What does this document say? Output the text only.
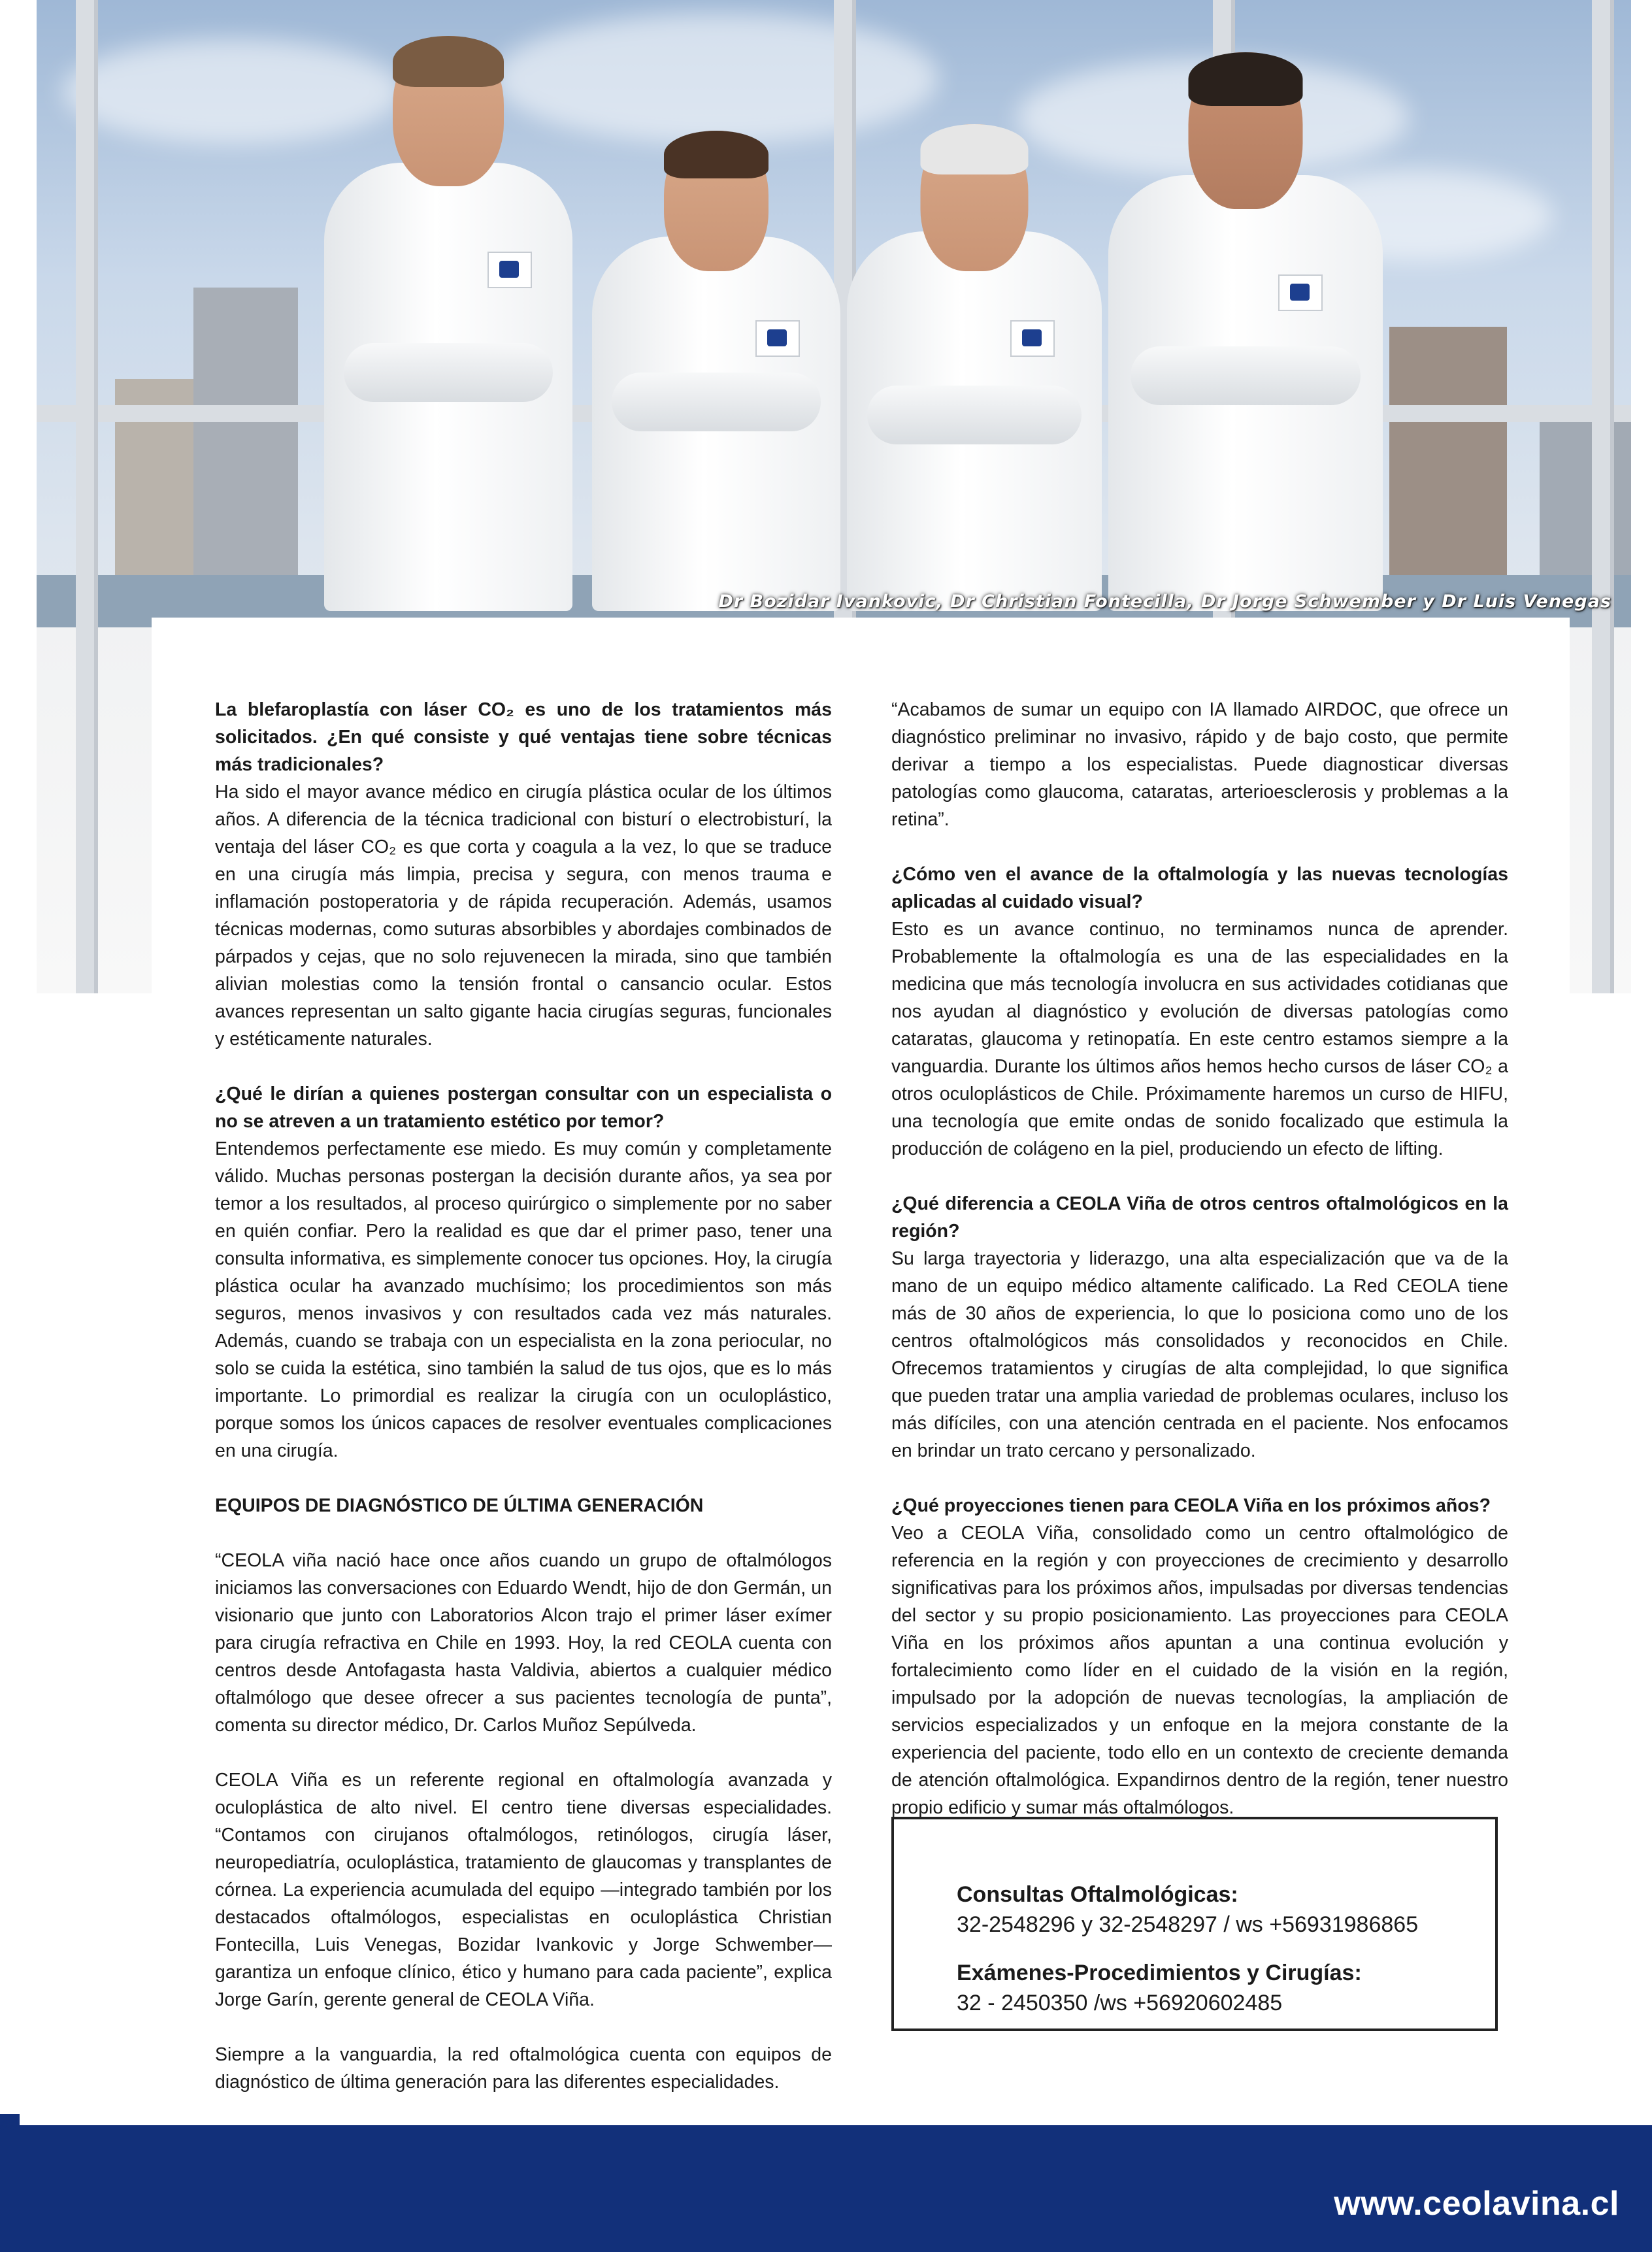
Dr Bozidar Ivankovic, Dr Christian Fontecilla, Dr Jorge Schwember y Dr Luis Venegas

La blefaroplastía con láser CO₂ es uno de los tratamientos más solicitados. ¿En qué consiste y qué ventajas tiene sobre técnicas más tradicionales?

Ha sido el mayor avance médico en cirugía plástica ocular de los últimos años. A diferencia de la técnica tradicional con bisturí o electrobisturí, la ventaja del láser CO₂ es que corta y coagula a la vez, lo que se traduce en una cirugía más limpia, precisa y segura, con menos trauma e inflamación postoperatoria y de rápida recuperación. Además, usamos técnicas modernas, como suturas absorbibles y abordajes combinados de párpados y cejas, que no solo rejuvenecen la mirada, sino que también alivian molestias como la tensión frontal o cansancio ocular. Estos avances representan un salto gigante hacia cirugías seguras, funcionales y estéticamente naturales.

¿Qué le dirían a quienes postergan consultar con un especialista o no se atreven a un tratamiento estético por temor?

Entendemos perfectamente ese miedo. Es muy común y completamente válido. Muchas personas postergan la decisión durante años, ya sea por temor a los resultados, al proceso quirúrgico o simplemente por no saber en quién confiar. Pero la realidad es que dar el primer paso, tener una consulta informativa, es simplemente conocer tus opciones. Hoy, la cirugía plástica ocular ha avanzado muchísimo; los procedimientos son más seguros, menos invasivos y con resultados cada vez más naturales. Además, cuando se trabaja con un especialista en la zona periocular, no solo se cuida la estética, sino también la salud de tus ojos, que es lo más importante. Lo primordial es realizar la cirugía con un oculoplástico, porque somos los únicos capaces de resolver eventuales complicaciones en una cirugía.

EQUIPOS DE DIAGNÓSTICO DE ÚLTIMA GENERACIÓN

“CEOLA viña nació hace once años cuando un grupo de oftalmólogos iniciamos las conversaciones con Eduardo Wendt, hijo de don Germán, un visionario que junto con Laboratorios Alcon trajo el primer láser exímer para cirugía refractiva en Chile en 1993. Hoy, la red CEOLA cuenta con centros desde Antofagasta hasta Valdivia, abiertos a cualquier médico oftalmólogo que desee ofrecer a sus pacientes tecnología de punta”, comenta su director médico, Dr. Carlos Muñoz Sepúlveda.

CEOLA Viña es un referente regional en oftalmología avanzada y oculoplástica de alto nivel. El centro tiene diversas especialidades. “Contamos con cirujanos oftalmólogos, retinólogos, cirugía láser, neuropediatría, oculoplástica, tratamiento de glaucomas y transplantes de córnea. La experiencia acumulada del equipo —integrado también por los destacados oftalmólogos, especialistas en oculoplástica Christian Fontecilla, Luis Venegas, Bozidar Ivankovic y Jorge Schwember— garantiza un enfoque clínico, ético y humano para cada paciente”, explica Jorge Garín, gerente general de CEOLA Viña.

Siempre a la vanguardia, la red oftalmológica cuenta con equipos de diagnóstico de última generación para las diferentes especialidades.

“Acabamos de sumar un equipo con IA llamado AIRDOC, que ofrece un diagnóstico preliminar no invasivo, rápido y de bajo costo, que permite derivar a tiempo a los especialistas. Puede diagnosticar diversas patologías como glaucoma, cataratas, arterioesclerosis y problemas a la retina”.

¿Cómo ven el avance de la oftalmología y las nuevas tecnologías aplicadas al cuidado visual?

Esto es un avance continuo, no terminamos nunca de aprender. Probablemente la oftalmología es una de las especialidades en la medicina que más tecnología involucra en sus actividades cotidianas que nos ayudan al diagnóstico y evolución de diversas patologías como cataratas, glaucoma y retinopatía. En este centro estamos siempre a la vanguardia. Durante los últimos años hemos hecho cursos de láser CO₂ a otros oculoplásticos de Chile. Próximamente haremos un curso de HIFU, una tecnología que emite ondas de sonido focalizado que estimula la producción de colágeno en la piel, produciendo un efecto de lifting.

¿Qué diferencia a CEOLA Viña de otros centros oftalmológicos en la región?

Su larga trayectoria y liderazgo, una alta especialización que va de la mano de un equipo médico altamente calificado. La Red CEOLA tiene más de 30 años de experiencia, lo que lo posiciona como uno de los centros oftalmológicos más consolidados y reconocidos en Chile. Ofrecemos tratamientos y cirugías de alta complejidad, lo que significa que pueden tratar una amplia variedad de problemas oculares, incluso los más difíciles, con una atención centrada en el paciente. Nos enfocamos en brindar un trato cercano y personalizado.

¿Qué proyecciones tienen para CEOLA Viña en los próximos años?

Veo a CEOLA Viña, consolidado como un centro oftalmológico de referencia en la región y con proyecciones de crecimiento y desarrollo significativas para los próximos años, impulsadas por diversas tendencias del sector y su propio posicionamiento. Las proyecciones para CEOLA Viña en los próximos años apuntan a una continua evolución y fortalecimiento como líder en el cuidado de la visión en la región, impulsado por la adopción de nuevas tecnologías, la ampliación de servicios especializados y un enfoque en la mejora constante de la experiencia del paciente, todo ello en un contexto de creciente demanda de atención oftalmológica. Expandirnos dentro de la región, tener nuestro propio edificio y sumar más oftalmólogos.

Consultas Oftalmológicas:
32-2548296 y 32-2548297 / ws +56931986865
Exámenes-Procedimientos y Cirugías:
32 - 2450350 /ws +56920602485
www.ceolavina.cl
